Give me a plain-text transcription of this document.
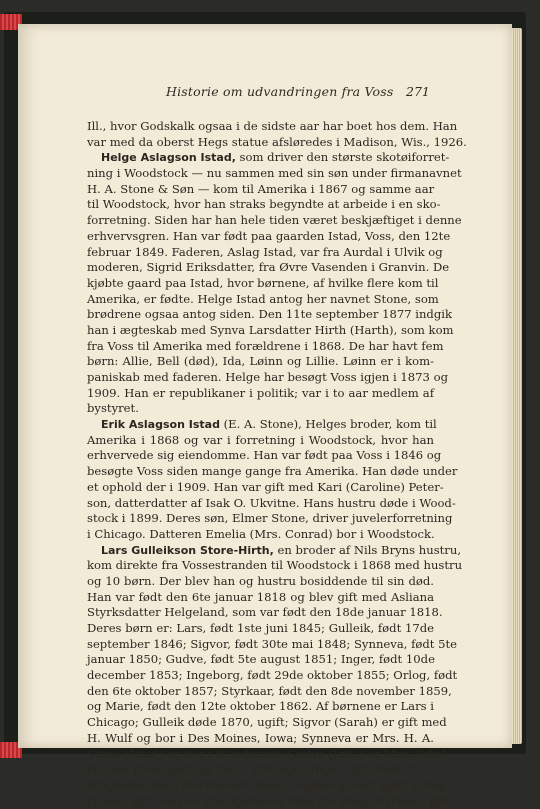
Historie om udvandringen fra Voss 271
Ill., hvor Godskalk ogsaa i de sidste aar har boet hos dem. Han
var med da oberst Hegs statue afsløredes i Madison, Wis., 1926.
Helge Aslagson Istad, som driver den største skotøiforret-
ning i Woodstock — nu sammen med sin søn under firmanavnet
H. A. Stone & Søn — kom til Amerika i 1867 og samme aar
til Woodstock, hvor han straks begyndte at arbeide i en sko-
forretning. Siden har han hele tiden været beskjæftiget i denne
erhvervsgren. Han var født paa gaarden Istad, Voss, den 12te
februar 1849. Faderen, Aslag Istad, var fra Aurdal i Ulvik og
moderen, Sigrid Eriksdatter, fra Øvre Vasenden i Granvin. De
kjøbte gaard paa Istad, hvor børnene, af hvilke flere kom til
Amerika, er fødte. Helge Istad antog her navnet Stone, som
brødrene ogsaa antog siden. Den 11te september 1877 indgik
han i ægteskab med Synva Larsdatter Hirth (Harth), som kom
fra Voss til Amerika med forældrene i 1868. De har havt fem
børn: Allie, Bell (død), Ida, Løinn og Lillie. Løinn er i kom-
paniskab med faderen. Helge har besøgt Voss igjen i 1873 og
1909. Han er republikaner i politik; var i to aar medlem af
bystyret.
Erik Aslagson Istad (E. A. Stone), Helges broder, kom til
Amerika i 1868 og var i forretning i Woodstock, hvor han
erhvervede sig eiendomme. Han var født paa Voss i 1846 og
besøgte Voss siden mange gange fra Amerika. Han døde under
et ophold der i 1909. Han var gift med Kari (Caroline) Peter-
son, datterdatter af Isak O. Ukvitne. Hans hustru døde i Wood-
stock i 1899. Deres søn, Elmer Stone, driver juvelerforretning
i Chicago. Datteren Emelia (Mrs. Conrad) bor i Woodstock.
Lars Gulleikson Store-Hirth, en broder af Nils Bryns hustru,
kom direkte fra Vossestranden til Woodstock i 1868 med hustru
og 10 børn. Der blev han og hustru bosiddende til sin død.
Han var født den 6te januar 1818 og blev gift med Asliana
Styrksdatter Helgeland, som var født den 18de januar 1818.
Deres børn er: Lars, født 1ste juni 1845; Gulleik, født 17de
september 1846; Sigvor, født 30te mai 1848; Synneva, født 5te
januar 1850; Gudve, født 5te august 1851; Inger, født 10de
december 1853; Ingeborg, født 29de oktober 1855; Orlog, født
den 6te oktober 1857; Styrkaar, født den 8de november 1859,
og Marie, født den 12te oktober 1862. Af børnene er Lars i
Chicago; Gulleik døde 1870, ugift; Sigvor (Sarah) er gift med
H. Wulf og bor i Des Moines, Iowa; Synneva er Mrs. H. A.
Stone (Istad) og bor i Woodstock; Gudve (Julia) er Mrs. Askel
H. Lee (Evanger) og bor i Chicago; Inger, gift med T. L.
Ringheim, bor i Northwood, Iowa; Ingeborg, død ugift; Orlog
(Lena), gift med en Thorbjørnson, ikke fra Voss; Styrkaar, gift
